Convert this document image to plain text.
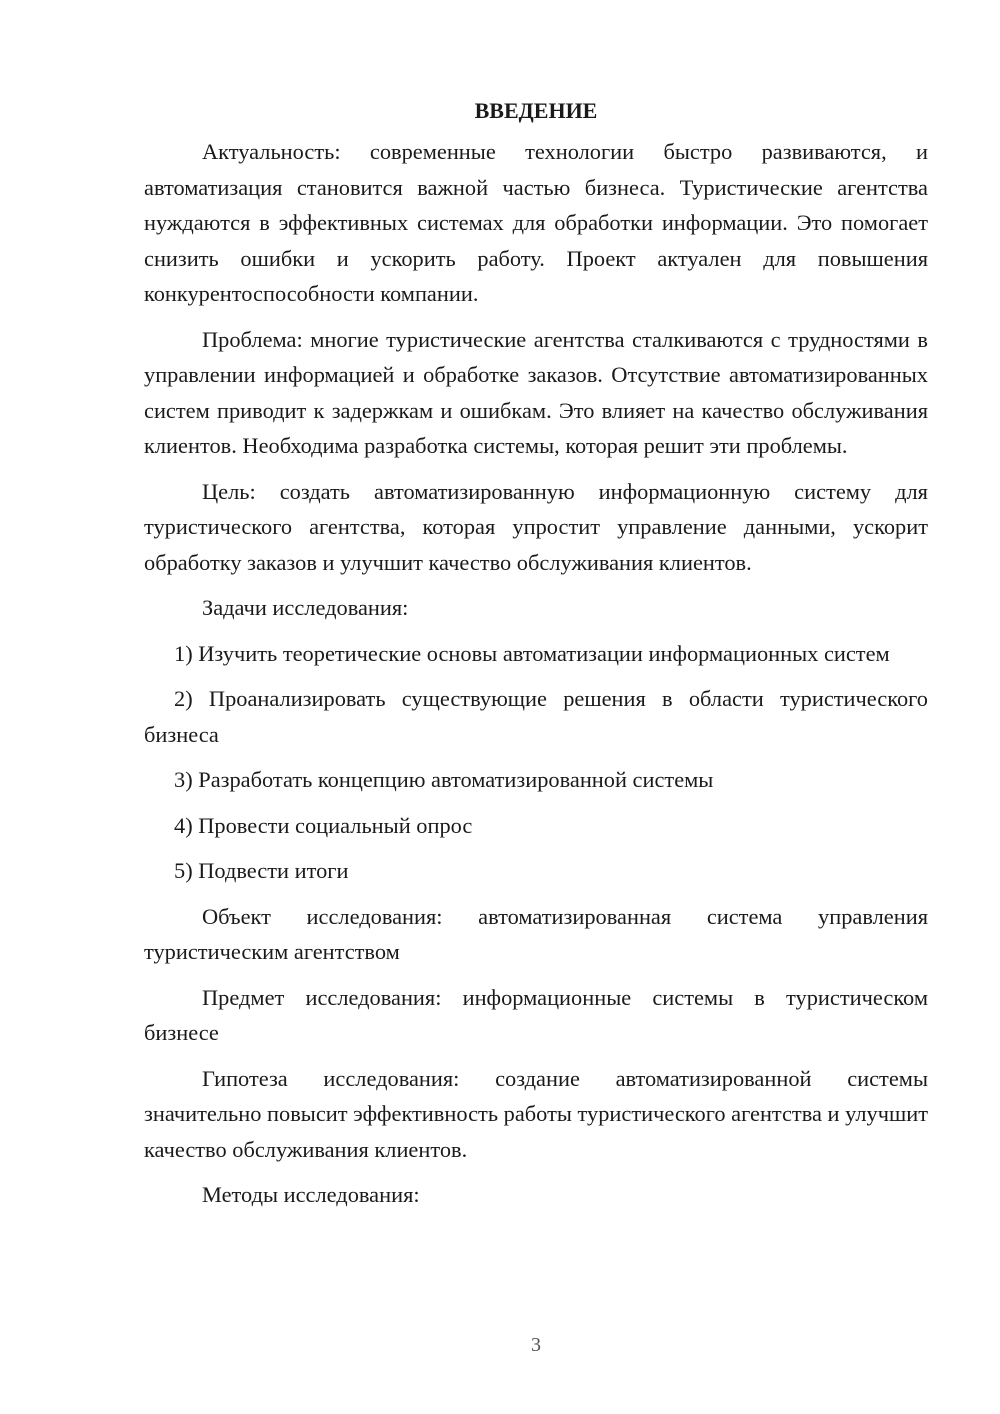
ВВЕДЕНИЕ

Актуальность: современные технологии быстро развиваются, и автоматизация становится важной частью бизнеса. Туристические агентства нуждаются в эффективных системах для обработки информации. Это помогает снизить ошибки и ускорить работу. Проект актуален для повышения конкурентоспособности компании.

Проблема: многие туристические агентства сталкиваются с трудностями в управлении информацией и обработке заказов. Отсутствие автоматизированных систем приводит к задержкам и ошибкам. Это влияет на качество обслуживания клиентов. Необходима разработка системы, которая решит эти проблемы.

Цель: создать автоматизированную информационную систему для туристического агентства, которая упростит управление данными, ускорит обработку заказов и улучшит качество обслуживания клиентов.

Задачи исследования:

1) Изучить теоретические основы автоматизации информационных систем

2) Проанализировать существующие решения в области туристического бизнеса

3) Разработать концепцию автоматизированной системы

4) Провести социальный опрос

5) Подвести итоги

Объект исследования: автоматизированная система управления туристическим агентством

Предмет исследования: информационные системы в туристическом бизнесе

Гипотеза исследования: создание автоматизированной системы значительно повысит эффективность работы туристического агентства и улучшит качество обслуживания клиентов.

Методы исследования:

3
